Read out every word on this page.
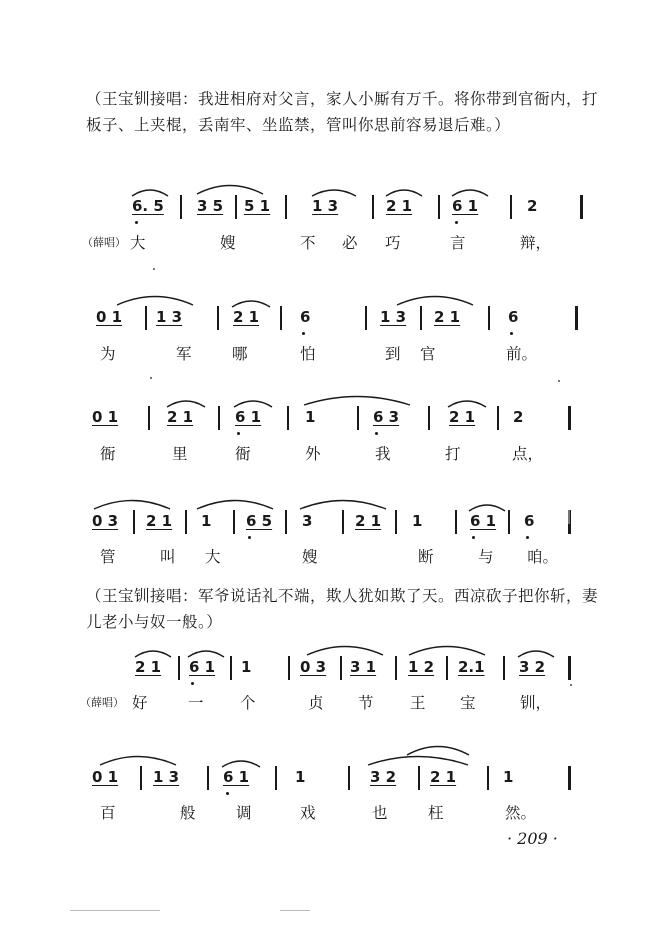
（王宝钏接唱：我进相府对父言，家人小厮有万千。将你带到官衙内，打板子、上夹棍，丢南牢、坐监禁，管叫你思前容易退后难。）
6. 5 3 5 5 1	1 3	2 1	6 1	2
（薛唱） 大	嫂	不 必 巧	言	辩，
0 1 1 3	2 1	6	1 3 2 1	6
为	军	哪	怕	到 官	前。
0 1	2 1	6 1	1	6 3	2 1	2
衙	里	衙	外	我	打	点，
0 3 2 1 1 6 5 3	2 1 1	6 1 6
管	叫 大	嫂	断	与 咱。
（王宝钏接唱：军爷说话礼不端，欺人犹如欺了天。西凉砍子把你斩，妻儿老小与奴一般。）
2 1 6 1 1	0 3 3 1 1 2 2.1 3 2
（薛唱） 好	一 个	贞 节 王 宝	钏，
0 1 1 3	6 1	1	3 2 2 1	1
百	般	调	戏	也	枉	然。
· 209 ·
